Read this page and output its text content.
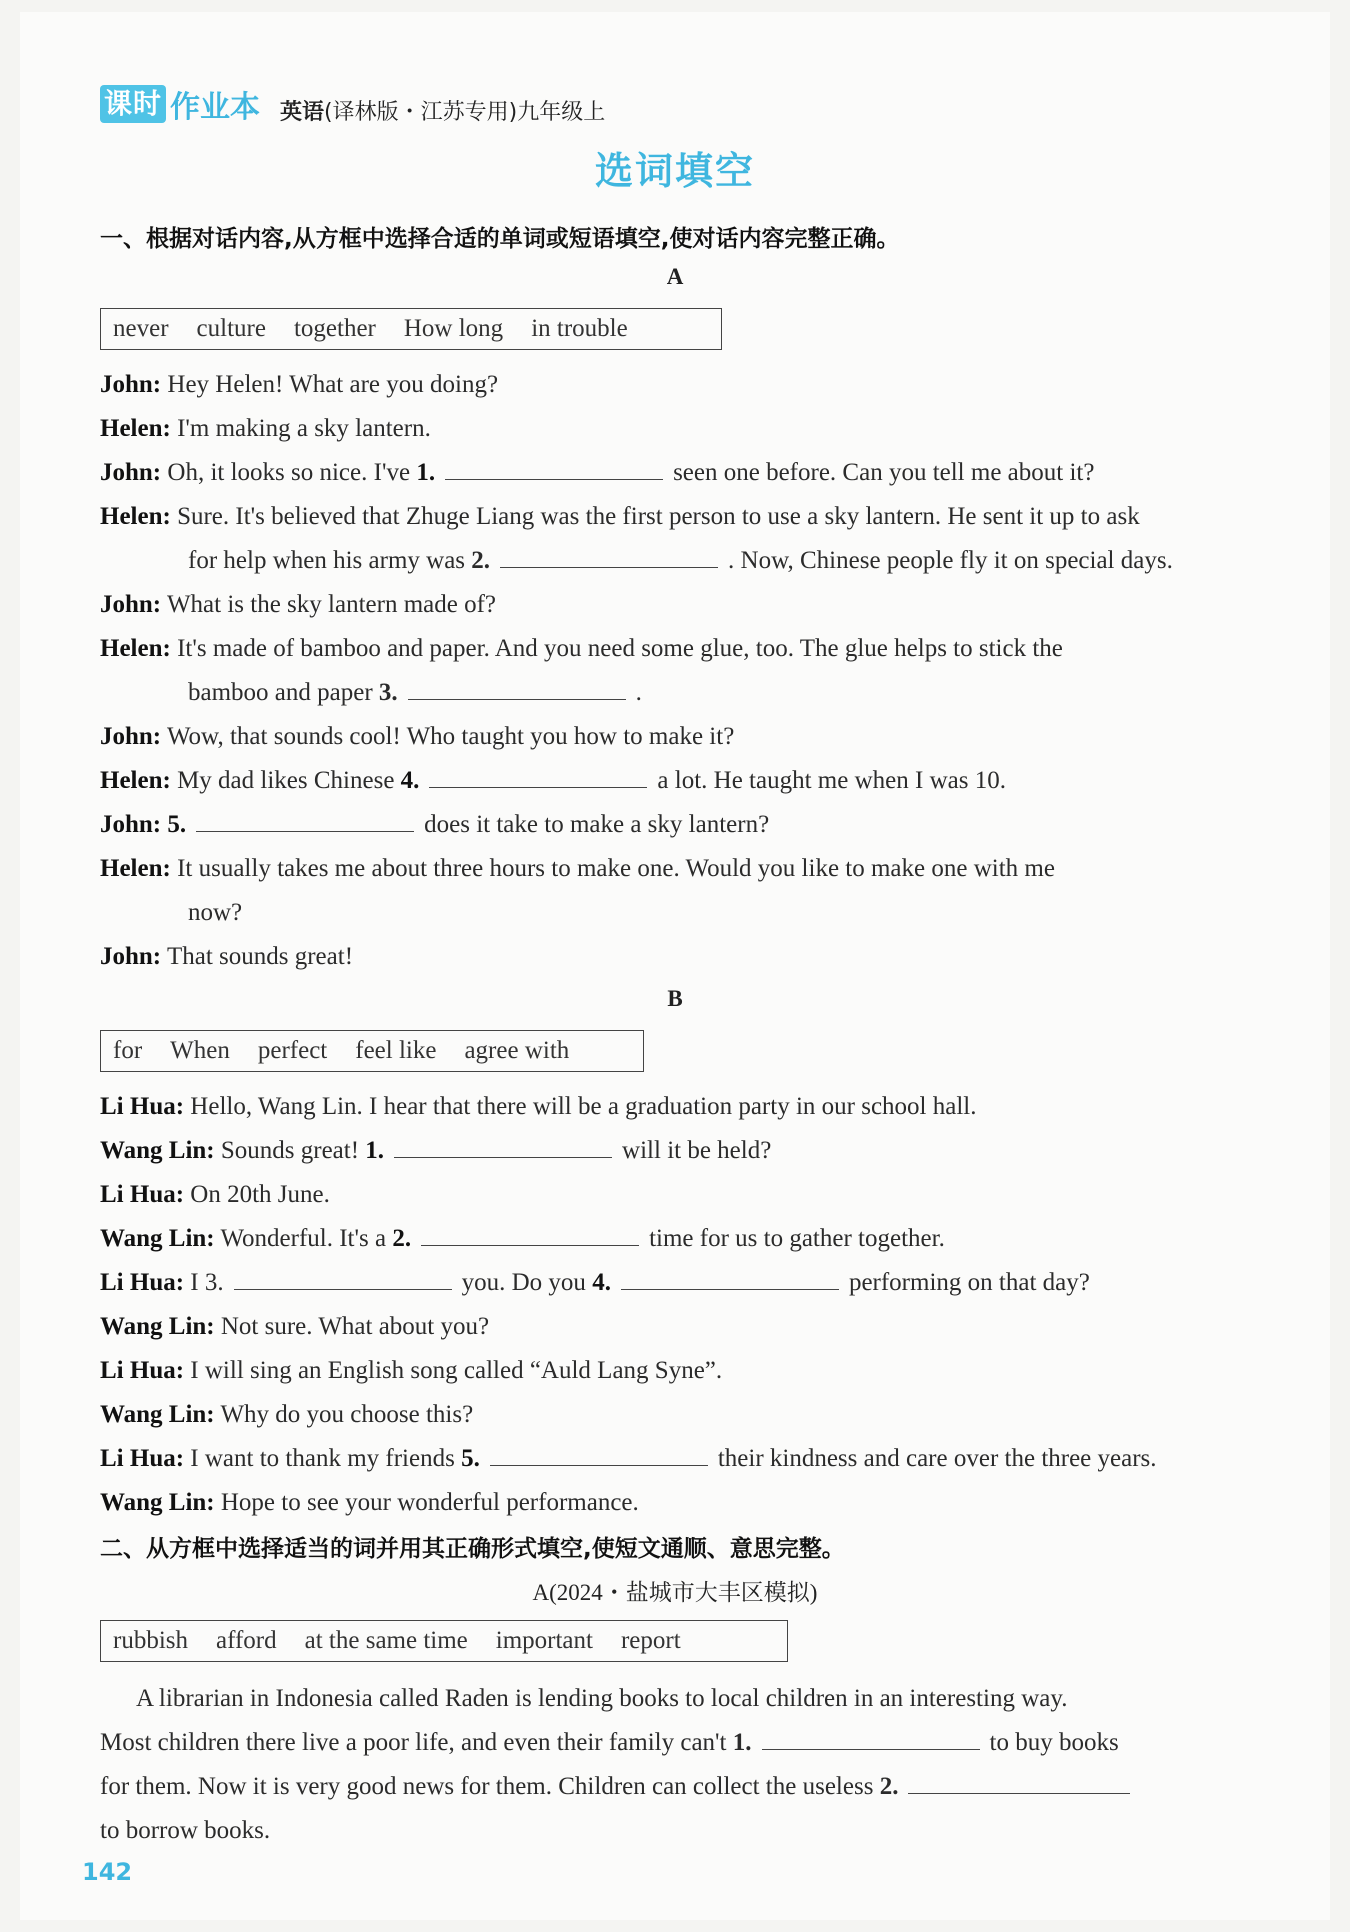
课时 作业本 英语(译林版・江苏专用)九年级上
选词填空
一、根据对话内容,从方框中选择合适的单词或短语填空,使对话内容完整正确。
A
never culture together How long in trouble
John: Hey Helen! What are you doing?
Helen: I'm making a sky lantern.
John: Oh, it looks so nice. I've 1.	seen one before. Can you tell me about it?
Helen: Sure. It's believed that Zhuge Liang was the first person to use a sky lantern. He sent it up to ask
for help when his army was 2.	. Now, Chinese people fly it on special days.
John: What is the sky lantern made of?
Helen: It's made of bamboo and paper. And you need some glue, too. The glue helps to stick the
bamboo and paper 3.	.
John: Wow, that sounds cool! Who taught you how to make it?
Helen: My dad likes Chinese 4.	a lot. He taught me when I was 10.
John: 5.	does it take to make a sky lantern?
Helen: It usually takes me about three hours to make one. Would you like to make one with me
now?
John: That sounds great!
B
for When perfect feel like agree with
Li Hua: Hello, Wang Lin. I hear that there will be a graduation party in our school hall.
Wang Lin: Sounds great! 1.	will it be held?
Li Hua: On 20th June.
Wang Lin: Wonderful. It's a 2.	time for us to gather together.
Li Hua: I 3.	you. Do you 4.	performing on that day?
Wang Lin: Not sure. What about you?
Li Hua: I will sing an English song called “Auld Lang Syne”.
Wang Lin: Why do you choose this?
Li Hua: I want to thank my friends 5.	their kindness and care over the three years.
Wang Lin: Hope to see your wonderful performance.
二、从方框中选择适当的词并用其正确形式填空,使短文通顺、意思完整。
A(2024・盐城市大丰区模拟)
rubbish afford at the same time important report
A librarian in Indonesia called Raden is lending books to local children in an interesting way.
Most children there live a poor life, and even their family can't 1.	to buy books
for them. Now it is very good news for them. Children can collect the useless 2.
to borrow books.
142
